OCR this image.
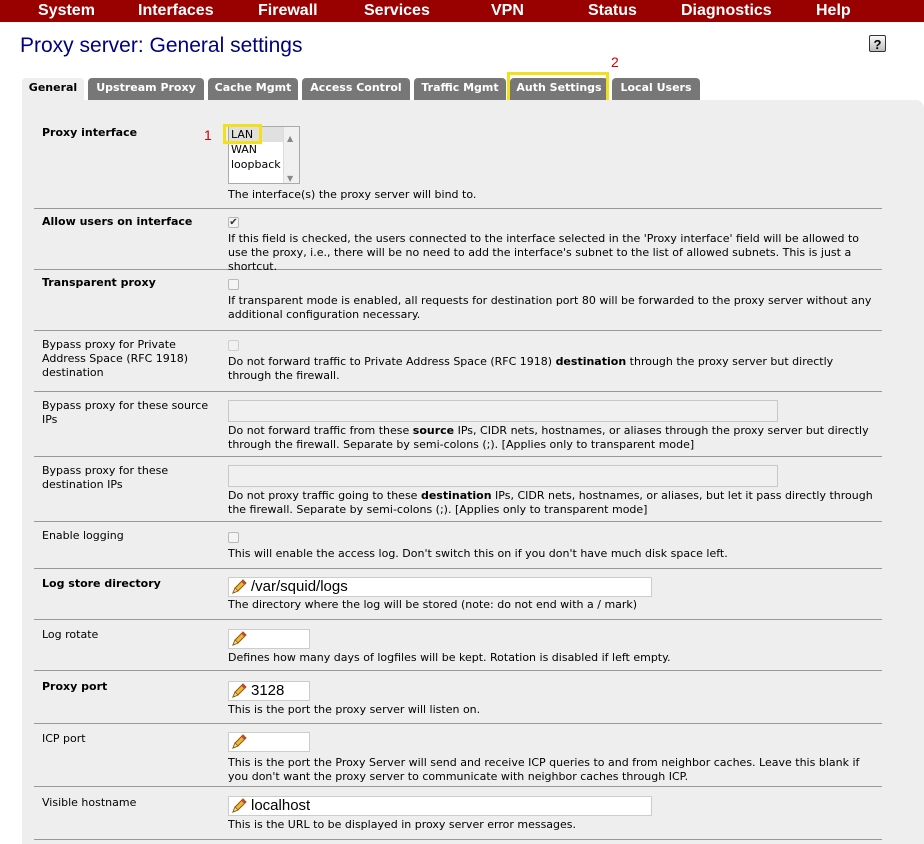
System	Interfaces	Firewall	Services	VPN	Status	Diagnostics	Help
Proxy server: General settings	?
General	Upstream Proxy	Cache Mgmt	Access Control	Traffic Mgmt	Auth Settings	Local Users
2
Proxy interface	LAN
WAN
loopback
▲
▼
The interface(s) the proxy server will bind to.
1
Allow users on interface	✔
If this field is checked, the users connected to the interface selected in the 'Proxy interface' field will be allowed to use the proxy, i.e., there will be no need to add the interface's subnet to the list of allowed subnets. This is just a shortcut.
Transparent proxy
If transparent mode is enabled, all requests for destination port 80 will be forwarded to the proxy server without any additional configuration necessary.
Bypass proxy for Private Address Space (RFC 1918) destination
Do not forward traffic to Private Address Space (RFC 1918) destination through the proxy server but directly through the firewall.
Bypass proxy for these source IPs
Do not forward traffic from these source IPs, CIDR nets, hostnames, or aliases through the proxy server but directly through the firewall. Separate by semi-colons (;). [Applies only to transparent mode]
Bypass proxy for these destination IPs
Do not proxy traffic going to these destination IPs, CIDR nets, hostnames, or aliases, but let it pass directly through the firewall. Separate by semi-colons (;). [Applies only to transparent mode]
Enable logging
This will enable the access log. Don't switch this on if you don't have much disk space left.
Log store directory	/var/squid/logs
The directory where the log will be stored (note: do not end with a / mark)
Log rotate
Defines how many days of logfiles will be kept. Rotation is disabled if left empty.
Proxy port	3128
This is the port the proxy server will listen on.
ICP port
This is the port the Proxy Server will send and receive ICP queries to and from neighbor caches. Leave this blank if you don't want the proxy server to communicate with neighbor caches through ICP.
Visible hostname	localhost
This is the URL to be displayed in proxy server error messages.
